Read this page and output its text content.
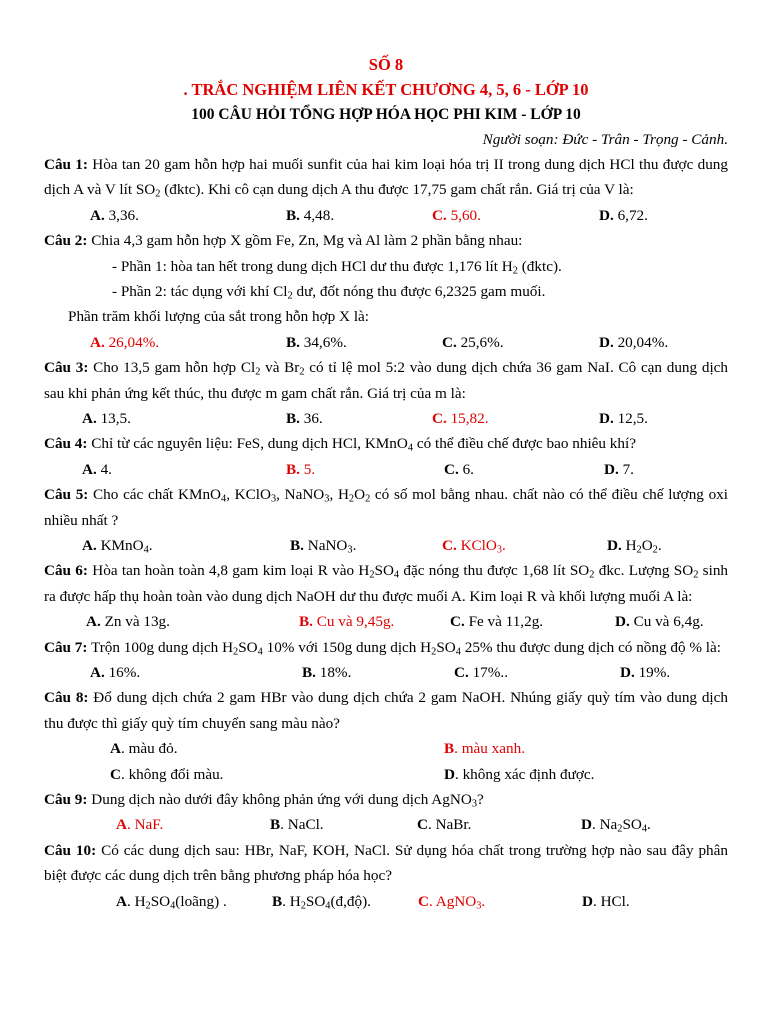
SỐ 8
. TRẮC NGHIỆM LIÊN KẾT CHƯƠNG 4, 5, 6 - LỚP 10
100 CÂU HỎI TỔNG HỢP HÓA HỌC PHI KIM - LỚP 10
Người soạn: Đức - Trân - Trọng - Cảnh.

Câu 1: Hòa tan 20 gam hỗn hợp hai muối sunfit của hai kim loại hóa trị II trong dung dịch HCl thu được dung dịch A và V lít $SO_2$ (đktc). Khi cô cạn dung dịch A thu được 17,75 gam chất rắn. Giá trị của V là:

A. 3,36.	B. 4,48.	C. 5,60.	D. 6,72.

Câu 2: Chia 4,3 gam hỗn hợp X gồm Fe, Zn, Mg và Al làm 2 phần bằng nhau:

- Phần 1: hòa tan hết trong dung dịch HCl dư thu được 1,176 lít $H_2$ (đktc).
- Phần 2: tác dụng với khí $Cl_2$ dư, đốt nóng thu được 6,2325 gam muối.
Phần trăm khối lượng của sắt trong hỗn hợp X là:
A. 26,04%.	B. 34,6%.	C. 25,6%.	D. 20,04%.

Câu 3: Cho 13,5 gam hỗn hợp $Cl_2$ và $Br_2$ có tỉ lệ mol 5:2 vào dung dịch chứa 36 gam NaI. Cô cạn dung dịch sau khi phản ứng kết thúc, thu được m gam chất rắn. Giá trị của m là:

A. 13,5.	B. 36.	C. 15,82.	D. 12,5.

Câu 4: Chỉ từ các nguyên liệu: FeS, dung dịch HCl, KMnO$_4$ có thể điều chế được bao nhiêu khí?

A. 4.	B. 5.	C. 6.	D. 7.

Câu 5: Cho các chất KMnO$_4$, KClO$_3$, NaNO$_3$, $H_2O_2$ có số mol bằng nhau. chất nào có thể điều chế lượng oxi nhiều nhất ?

A. KMnO$_4$.	B. NaNO$_3$.	C. KClO$_3$.	D. $H_2O_2$.

Câu 6: Hòa tan hoàn toàn 4,8 gam kim loại R vào $H_2SO_4$ đặc nóng thu được 1,68 lít $SO_2$ đkc. Lượng $SO_2$ sinh ra được hấp thụ hoàn toàn vào dung dịch NaOH dư thu được muối A. Kim loại R và khối lượng muối A là:

A. Zn và 13g.	B. Cu và 9,45g.	C. Fe và 11,2g.	D. Cu và 6,4g.

Câu 7: Trộn 100g dung dịch $H_2SO_4$ 10% với 150g dung dịch $H_2SO_4$ 25% thu được dung dịch có nồng độ % là:

A. 16%.	B. 18%.	C. 17%..	D. 19%.

Câu 8: Đổ dung dịch chứa 2 gam HBr vào dung dịch chứa 2 gam NaOH. Nhúng giấy quỳ tím vào dung dịch thu được thì giấy quỳ tím chuyển sang màu nào?

A. màu đỏ.	B. màu xanh.
C. không đổi màu.	D. không xác định được.

Câu 9: Dung dịch nào dưới đây không phản ứng với dung dịch AgNO$_3$?

A. NaF.	B. NaCl.	C. NaBr.	D. $Na_2SO_4$.

Câu 10: Có các dung dịch sau: HBr, NaF, KOH, NaCl. Sử dụng hóa chất trong trường hợp nào sau đây phân biệt được các dung dịch trên bằng phương pháp hóa học?

A. $H_2SO_4(loãng)$ .	B. $H_2SO_4(đ,độ)$.	C. AgNO$_3$.	D. HCl.
